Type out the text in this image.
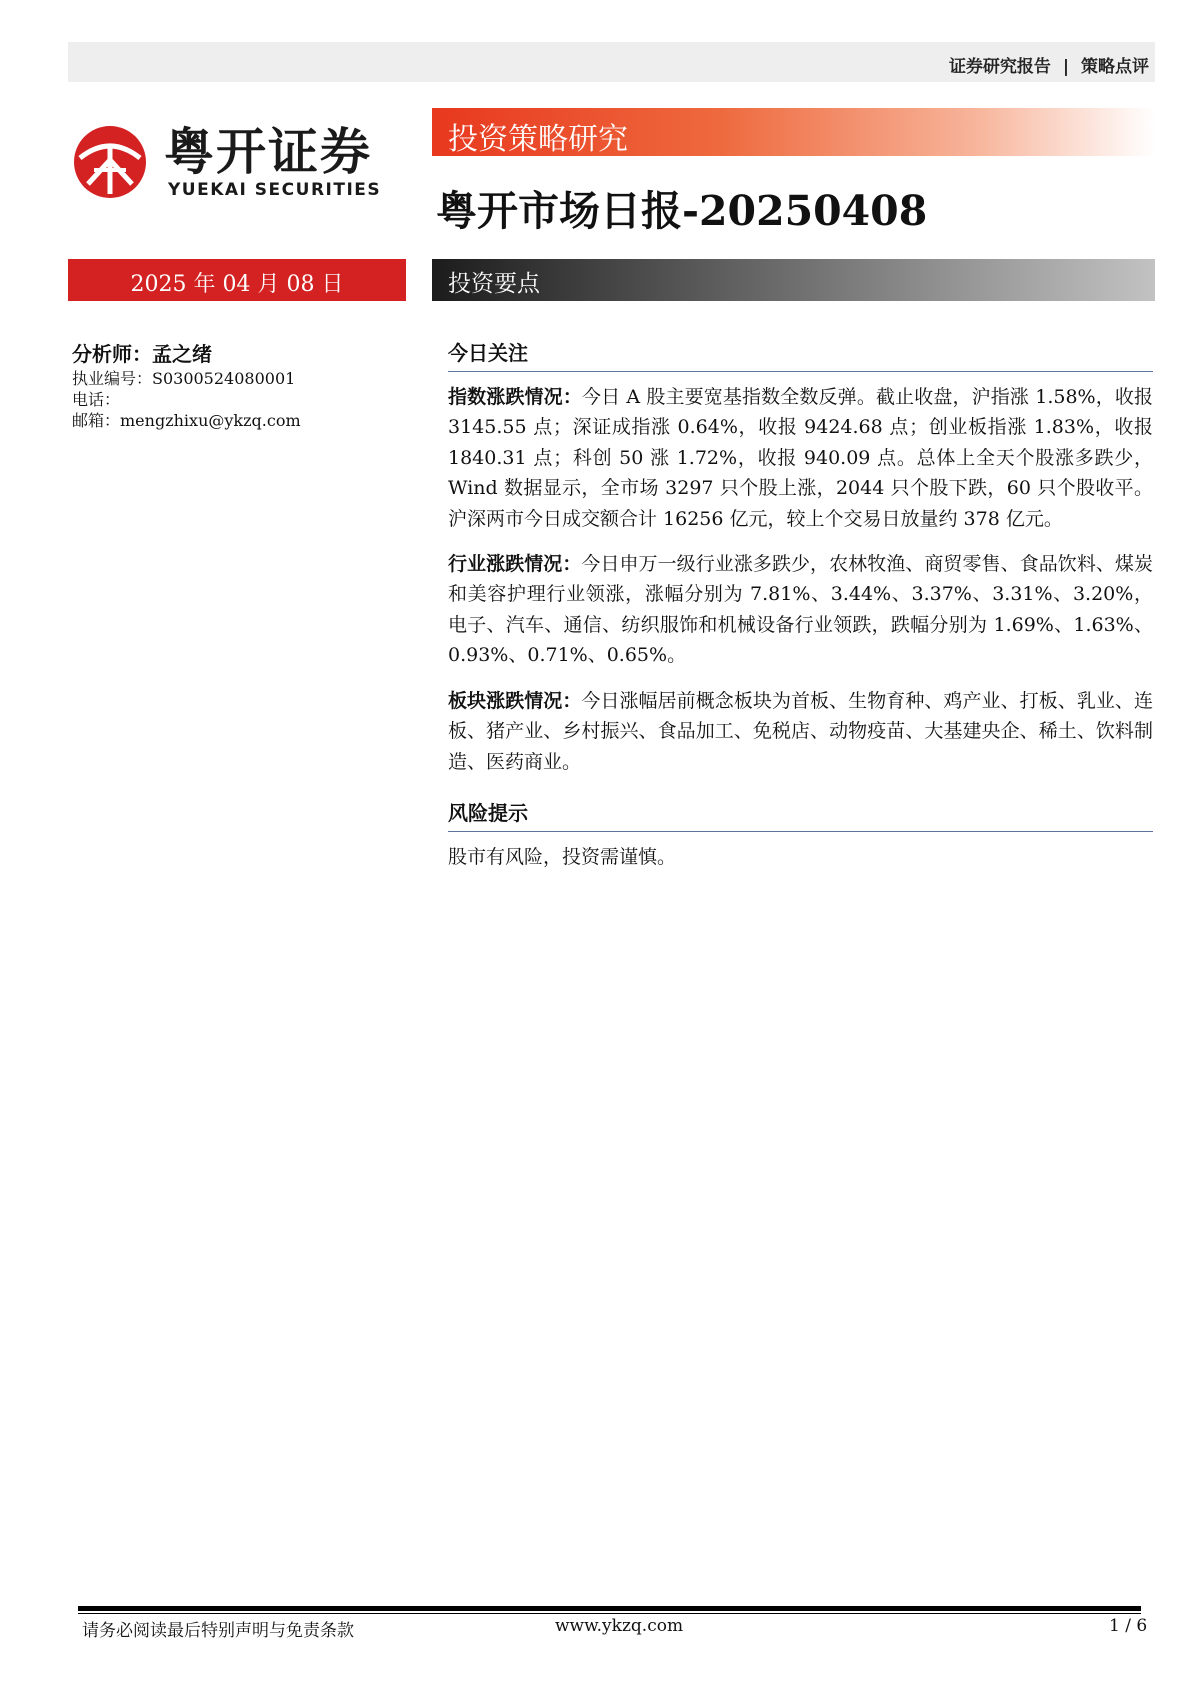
证券研究报告 | 策略点评
粤开证券
YUEKAI SECURITIES
投资策略研究
粤开市场日报-20250408
2025 年 04 月 08 日	投资要点
分析师：孟之绪
执业编号：S0300524080001
电话：
邮箱：mengzhixu@ykzq.com
今日关注
指数涨跌情况：今日 A 股主要宽基指数全数反弹。截止收盘，沪指涨 1.58%，收报 3145.55 点；深证成指涨 0.64%，收报 9424.68 点；创业板指涨 1.83%，收报 1840.31 点；科创 50 涨 1.72%，收报 940.09 点。总体上全天个股涨多跌少，Wind 数据显示，全市场 3297 只个股上涨，2044 只个股下跌，60 只个股收平。沪深两市今日成交额合计 16256 亿元，较上个交易日放量约 378 亿元。
行业涨跌情况：今日申万一级行业涨多跌少，农林牧渔、商贸零售、食品饮料、煤炭和美容护理行业领涨，涨幅分别为 7.81%、3.44%、3.37%、3.31%、3.20%，电子、汽车、通信、纺织服饰和机械设备行业领跌，跌幅分别为 1.69%、1.63%、0.93%、0.71%、0.65%。
板块涨跌情况：今日涨幅居前概念板块为首板、生物育种、鸡产业、打板、乳业、连板、猪产业、乡村振兴、食品加工、免税店、动物疫苗、大基建央企、稀土、饮料制造、医药商业。
风险提示
股市有风险，投资需谨慎。
请务必阅读最后特别声明与免责条款	www.ykzq.com	1 / 6
